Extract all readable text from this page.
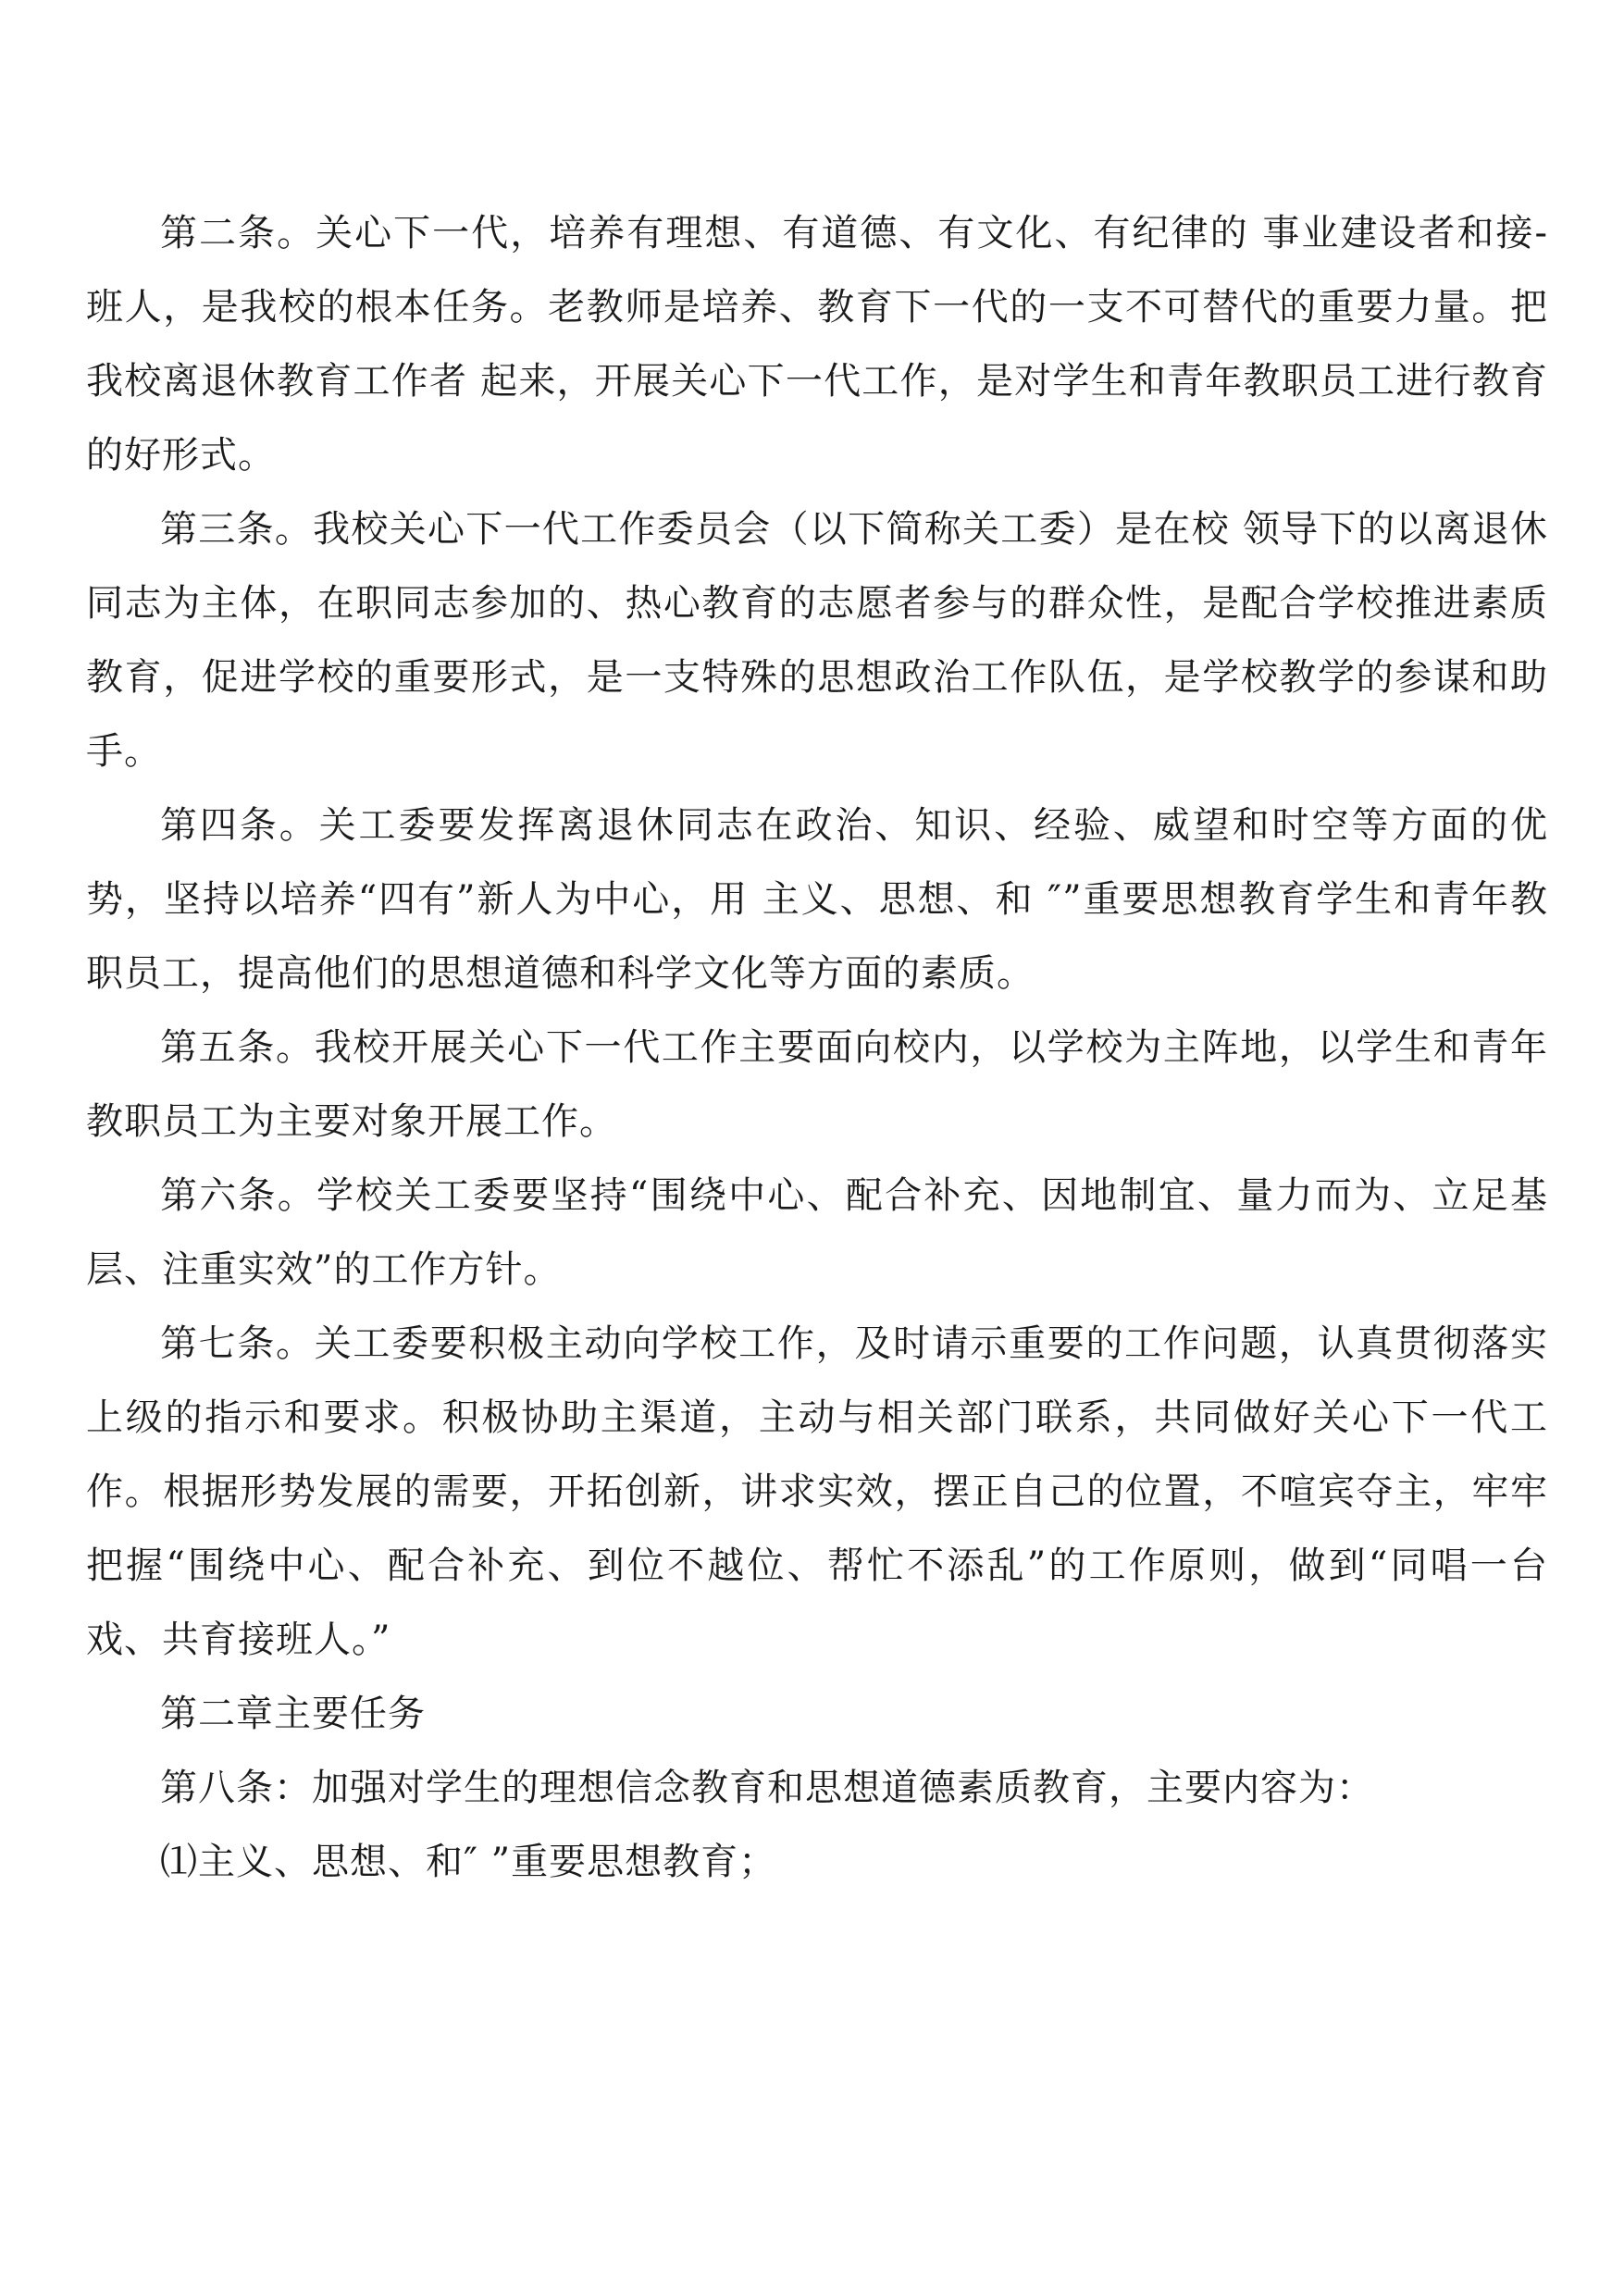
第二条。关心下一代，培养有理想、有道德、有文化、有纪律的 事业建设者和接-班人，是我校的根本任务。老教师是培养、教育下一代的一支不可替代的重要力量。把我校离退休教育工作者 起来，开展关心下一代工作，是对学生和青年教职员工进行教育的好形式。

第三条。我校关心下一代工作委员会（以下简称关工委）是在校 领导下的以离退休同志为主体，在职同志参加的、热心教育的志愿者参与的群众性，是配合学校推进素质教育，促进学校的重要形式，是一支特殊的思想政治工作队伍，是学校教学的参谋和助手。

第四条。关工委要发挥离退休同志在政治、知识、经验、威望和时空等方面的优势，坚持以培养“四有”新人为中心，用 主义、思想、和 ″”重要思想教育学生和青年教职员工，提高他们的思想道德和科学文化等方面的素质。

第五条。我校开展关心下一代工作主要面向校内，以学校为主阵地，以学生和青年教职员工为主要对象开展工作。

第六条。学校关工委要坚持“围绕中心、配合补充、因地制宜、量力而为、立足基层、注重实效”的工作方针。

第七条。关工委要积极主动向学校工作，及时请示重要的工作问题，认真贯彻落实上级的指示和要求。积极协助主渠道，主动与相关部门联系，共同做好关心下一代工作。根据形势发展的需要，开拓创新，讲求实效，摆正自己的位置，不喧宾夺主，牢牢把握“围绕中心、配合补充、到位不越位、帮忙不添乱”的工作原则，做到“同唱一台戏、共育接班人。”

第二章主要任务

第八条：加强对学生的理想信念教育和思想道德素质教育，主要内容为：

⑴主义、思想、和″ ”重要思想教育；
